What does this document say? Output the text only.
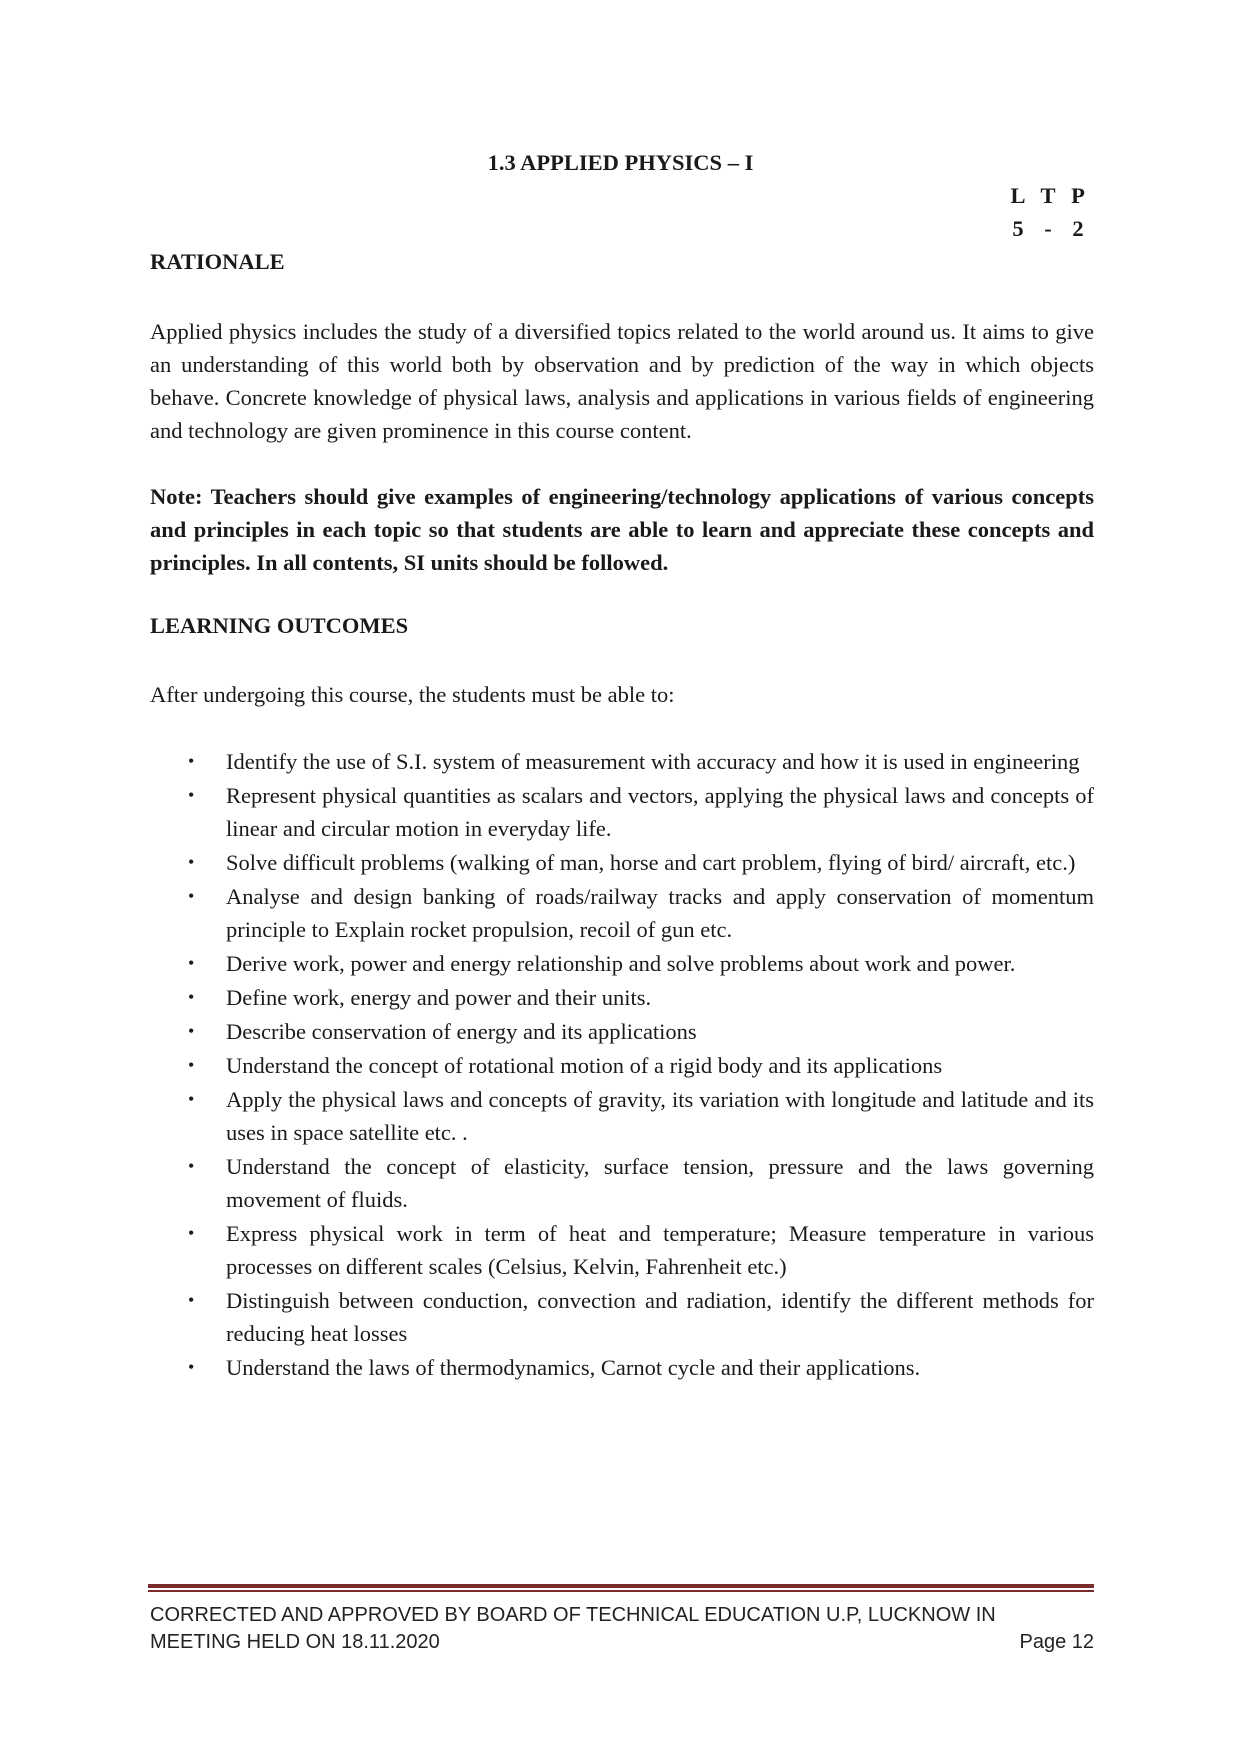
1.3 APPLIED PHYSICS – I
L T P
5 - 2
RATIONALE
Applied physics includes the study of a diversified topics related to the world around us. It aims to give an understanding of this world both by observation and by prediction of the way in which objects behave. Concrete knowledge of physical laws, analysis and applications in various fields of engineering and technology are given prominence in this course content.
Note: Teachers should give examples of engineering/technology applications of various concepts and principles in each topic so that students are able to learn and appreciate these concepts and principles. In all contents, SI units should be followed.
LEARNING OUTCOMES
After undergoing this course, the students must be able to:
• Identify the use of S.I. system of measurement with accuracy and how it is used in engineering
• Represent physical quantities as scalars and vectors, applying the physical laws and concepts of linear and circular motion in everyday life.
• Solve difficult problems (walking of man, horse and cart problem, flying of bird/ aircraft, etc.)
• Analyse and design banking of roads/railway tracks and apply conservation of momentum principle to Explain rocket propulsion, recoil of gun etc.
• Derive work, power and energy relationship and solve problems about work and power.
• Define work, energy and power and their units.
• Describe conservation of energy and its applications
• Understand the concept of rotational motion of a rigid body and its applications
• Apply the physical laws and concepts of gravity, its variation with longitude and latitude and its uses in space satellite etc. .
• Understand the concept of elasticity, surface tension, pressure and the laws governing movement of fluids.
• Express physical work in term of heat and temperature; Measure temperature in various processes on different scales (Celsius, Kelvin, Fahrenheit etc.)
• Distinguish between conduction, convection and radiation, identify the different methods for reducing heat losses
• Understand the laws of thermodynamics, Carnot cycle and their applications.
CORRECTED AND APPROVED BY BOARD OF TECHNICAL EDUCATION U.P, LUCKNOW IN
MEETING HELD ON 18.11.2020	Page 12
